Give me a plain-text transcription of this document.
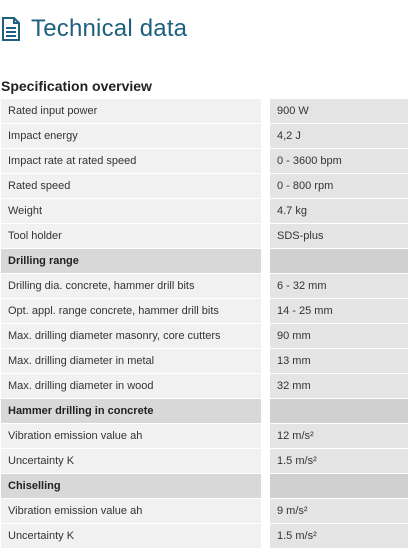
Technical data
Specification overview
Rated input power		900 W
Impact energy		4,2 J
Impact rate at rated speed		0 - 3600 bpm
Rated speed		0 - 800 rpm
Weight		4.7 kg
Tool holder		SDS-plus
Drilling range		
Drilling dia. concrete, hammer drill bits		6 - 32 mm
Opt. appl. range concrete, hammer drill bits		14 - 25 mm
Max. drilling diameter masonry, core cutters		90 mm
Max. drilling diameter in metal		13 mm
Max. drilling diameter in wood		32 mm
Hammer drilling in concrete		
Vibration emission value ah		12 m/s²
Uncertainty K		1.5 m/s²
Chiselling		
Vibration emission value ah		9 m/s²
Uncertainty K		1.5 m/s²
